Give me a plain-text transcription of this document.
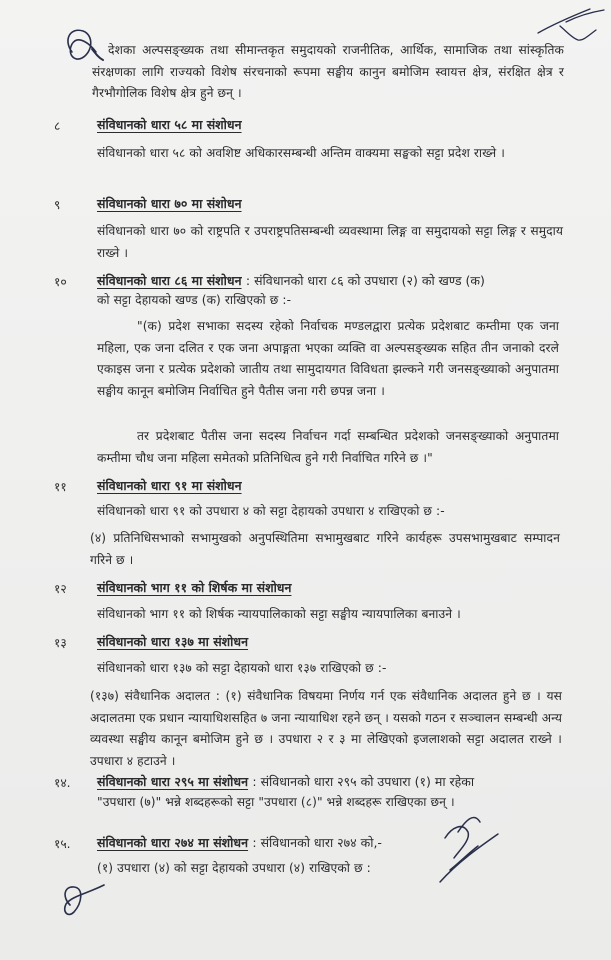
देशका अल्पसङ्ख्यक तथा सीमान्तकृत समुदायको राजनीतिक, आर्थिक, सामाजिक तथा सांस्कृतिक संरक्षणका लागि राज्यको विशेष संरचनाको रूपमा सङ्घीय कानुन बमोजिम स्वायत्त क्षेत्र, संरक्षित क्षेत्र र गैरभौगोलिक विशेष क्षेत्र हुने छन् ।
८	संविधानको धारा ५८ मा संशोधन
संविधानको धारा ५८ को अवशिष्ट अधिकारसम्बन्धी अन्तिम वाक्यमा सङ्घको सट्टा प्रदेश राख्ने ।
९	संविधानको धारा ७० मा संशोधन
संविधानको धारा ७० को राष्ट्रपति र उपराष्ट्रपतिसम्बन्धी व्यवस्थामा लिङ्ग वा समुदायको सट्टा लिङ्ग र समुदाय राख्ने ।
१० संविधानको धारा ८६ मा संशोधन : संविधानको धारा ८६ को उपधारा (२) को खण्ड (क)
को सट्टा देहायको खण्ड (क) राखिएको छ :-
"(क) प्रदेश सभाका सदस्य रहेको निर्वाचक मण्डलद्वारा प्रत्येक प्रदेशबाट कम्तीमा एक जना महिला, एक जना दलित र एक जना अपाङ्गता भएका व्यक्ति वा अल्पसङ्ख्यक सहित तीन जनाको दरले एकाइस जना र प्रत्येक प्रदेशको जातीय तथा सामुदायगत विविधता झल्कने गरी जनसङ्ख्याको अनुपातमा सङ्घीय कानून बमोजिम निर्वाचित हुने पैतीस जना गरी छपन्न जना ।
तर प्रदेशबाट पैतीस जना सदस्य निर्वाचन गर्दा सम्बन्धित प्रदेशको जनसङ्ख्याको अनुपातमा कम्तीमा चौध जना महिला समेतको प्रतिनिधित्व हुने गरी निर्वाचित गरिने छ ।"
११ संविधानको धारा ९१ मा संशोधन
संविधानको धारा ९१ को उपधारा ४ को सट्टा देहायको उपधारा ४ राखिएको छ :-
(४) प्रतिनिधिसभाको सभामुखको अनुपस्थितिमा सभामुखबाट गरिने कार्यहरू उपसभामुखबाट सम्पादन गरिने छ ।
१२ संविधानको भाग ११ को शिर्षक मा संशोधन
संविधानको भाग ११ को शिर्षक न्यायपालिकाको सट्टा सङ्घीय न्यायपालिका बनाउने ।
१३ संविधानको धारा १३७ मा संशोधन
संविधानको धारा १३७ को सट्टा देहायको धारा १३७ राखिएको छ :-
(१३७) संवैधानिक अदालत : (१) संवैधानिक विषयमा निर्णय गर्न एक संवैधानिक अदालत हुने छ । यस अदालतमा एक प्रधान न्यायाधिशसहित ७ जना न्यायाधिश रहने छन् । यसको गठन र सञ्चालन सम्बन्धी अन्य व्यवस्था सङ्घीय कानून बमोजिम हुने छ । उपधारा २ र ३ मा लेखिएको इजलाशको सट्टा अदालत राख्ने । उपधारा ४ हटाउने ।
१४. संविधानको धारा २९५ मा संशोधन : संविधानको धारा २९५ को उपधारा (१) मा रहेका
"उपधारा (७)" भन्ने शब्दहरूको सट्टा "उपधारा (८)" भन्ने शब्दहरू राखिएका छन् ।
१५. संविधानको धारा २७४ मा संशोधन : संविधानको धारा २७४ को,-
(१) उपधारा (४) को सट्टा देहायको उपधारा (४) राखिएको छ :
